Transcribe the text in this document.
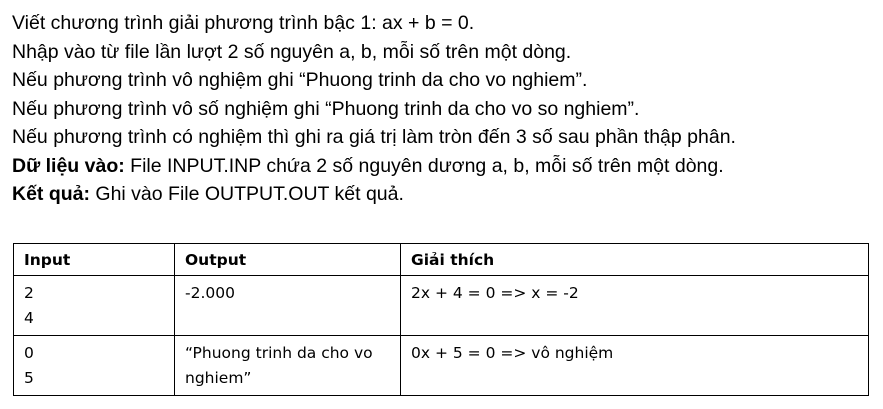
Viết chương trình giải phương trình bậc 1: ax + b = 0.

Nhập vào từ file lần lượt 2 số nguyên a, b, mỗi số trên một dòng.

Nếu phương trình vô nghiệm ghi “Phuong trinh da cho vo nghiem”.

Nếu phương trình vô số nghiệm ghi “Phuong trinh da cho vo so nghiem”.

Nếu phương trình có nghiệm thì ghi ra giá trị làm tròn đến 3 số sau phần thập phân.

Dữ liệu vào: File INPUT.INP chứa 2 số nguyên dương a, b, mỗi số trên một dòng.

Kết quả: Ghi vào File OUTPUT.OUT kết quả.

Input	Output	Giải thích

2
4	-2.000	2x + 4 = 0 => x = -2

0
5	“Phuong trinh da cho vo nghiem”	0x + 5 = 0 => vô nghiệm
